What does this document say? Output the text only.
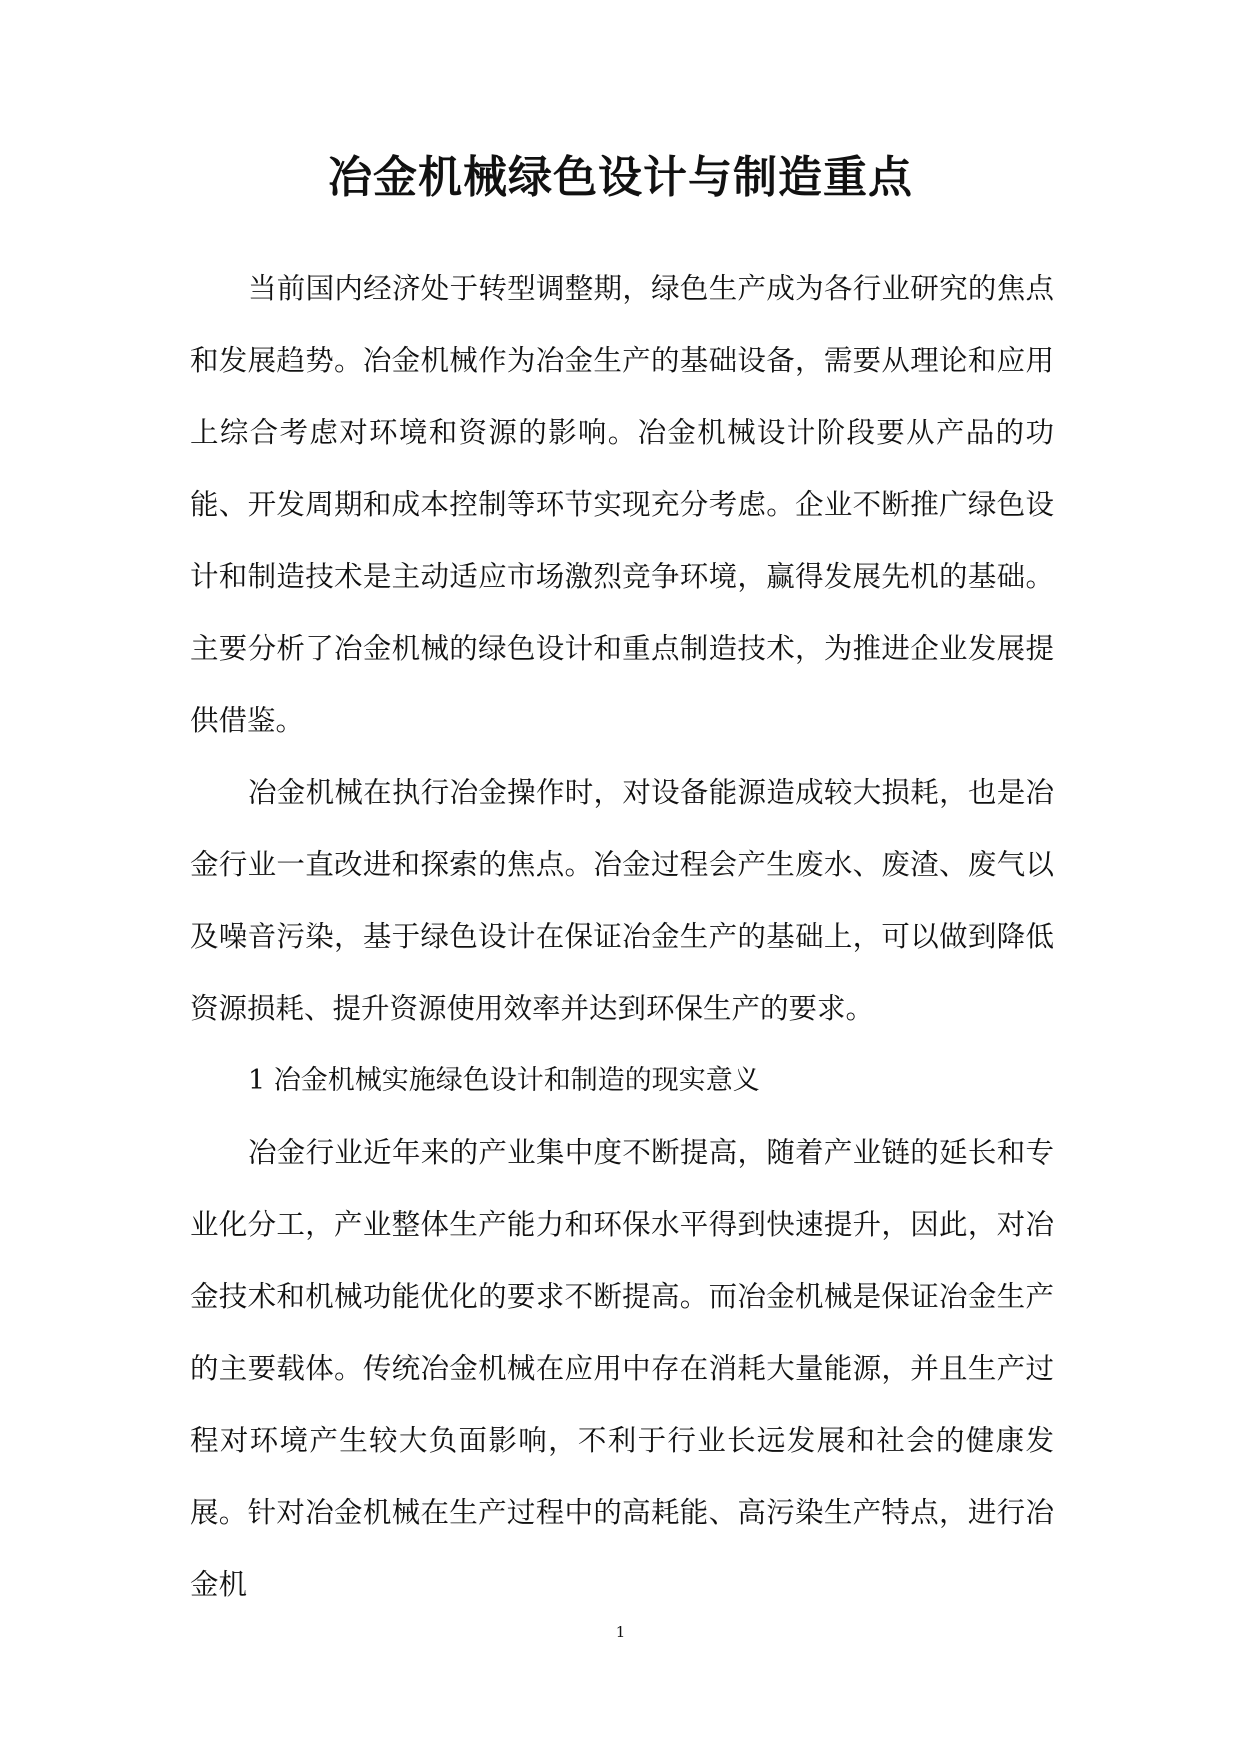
冶金机械绿色设计与制造重点

当前国内经济处于转型调整期，绿色生产成为各行业研究的焦点和发展趋势。冶金机械作为冶金生产的基础设备，需要从理论和应用上综合考虑对环境和资源的影响。冶金机械设计阶段要从产品的功能、开发周期和成本控制等环节实现充分考虑。企业不断推广绿色设计和制造技术是主动适应市场激烈竞争环境，赢得发展先机的基础。主要分析了冶金机械的绿色设计和重点制造技术，为推进企业发展提供借鉴。

冶金机械在执行冶金操作时，对设备能源造成较大损耗，也是冶金行业一直改进和探索的焦点。冶金过程会产生废水、废渣、废气以及噪音污染，基于绿色设计在保证冶金生产的基础上，可以做到降低资源损耗、提升资源使用效率并达到环保生产的要求。

1 冶金机械实施绿色设计和制造的现实意义

冶金行业近年来的产业集中度不断提高，随着产业链的延长和专业化分工，产业整体生产能力和环保水平得到快速提升，因此，对冶金技术和机械功能优化的要求不断提高。而冶金机械是保证冶金生产的主要载体。传统冶金机械在应用中存在消耗大量能源，并且生产过程对环境产生较大负面影响，不利于行业长远发展和社会的健康发展。针对冶金机械在生产过程中的高耗能、高污染生产特点，进行冶金机

1
